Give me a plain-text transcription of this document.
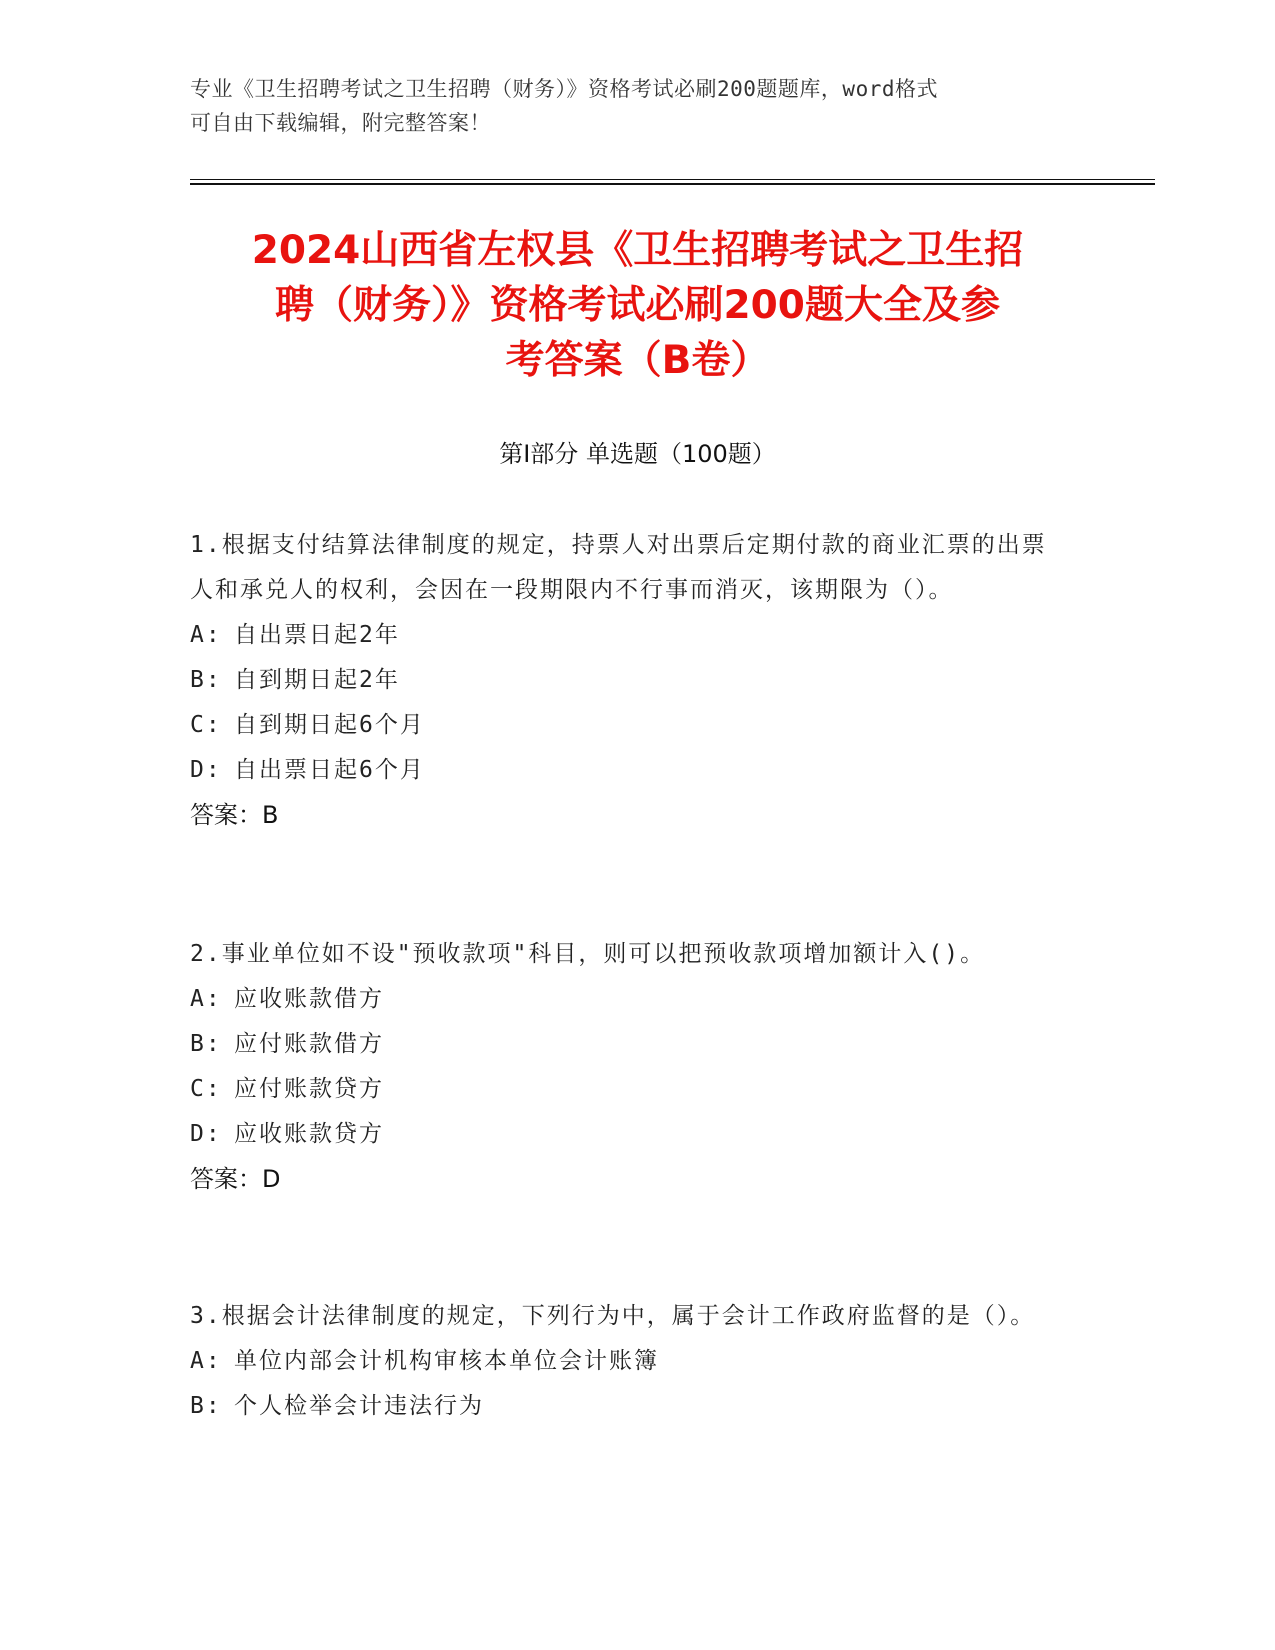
专业《卫生招聘考试之卫生招聘（财务）》资格考试必刷200题题库，word格式
可自由下载编辑，附完整答案！
2024山西省左权县《卫生招聘考试之卫生招
聘（财务）》资格考试必刷200题大全及参
考答案（B卷）
第Ⅰ部分 单选题（100题）
1.根据支付结算法律制度的规定，持票人对出票后定期付款的商业汇票的出票人和承兑人的权利，会因在一段期限内不行事而消灭，该期限为（）。
A: 自出票日起2年
B: 自到期日起2年
C: 自到期日起6个月
D: 自出票日起6个月
答案：B
2.事业单位如不设"预收款项"科目，则可以把预收款项增加额计入()。
A: 应收账款借方
B: 应付账款借方
C: 应付账款贷方
D: 应收账款贷方
答案：D
3.根据会计法律制度的规定，下列行为中，属于会计工作政府监督的是（）。
A: 单位内部会计机构审核本单位会计账簿
B: 个人检举会计违法行为
